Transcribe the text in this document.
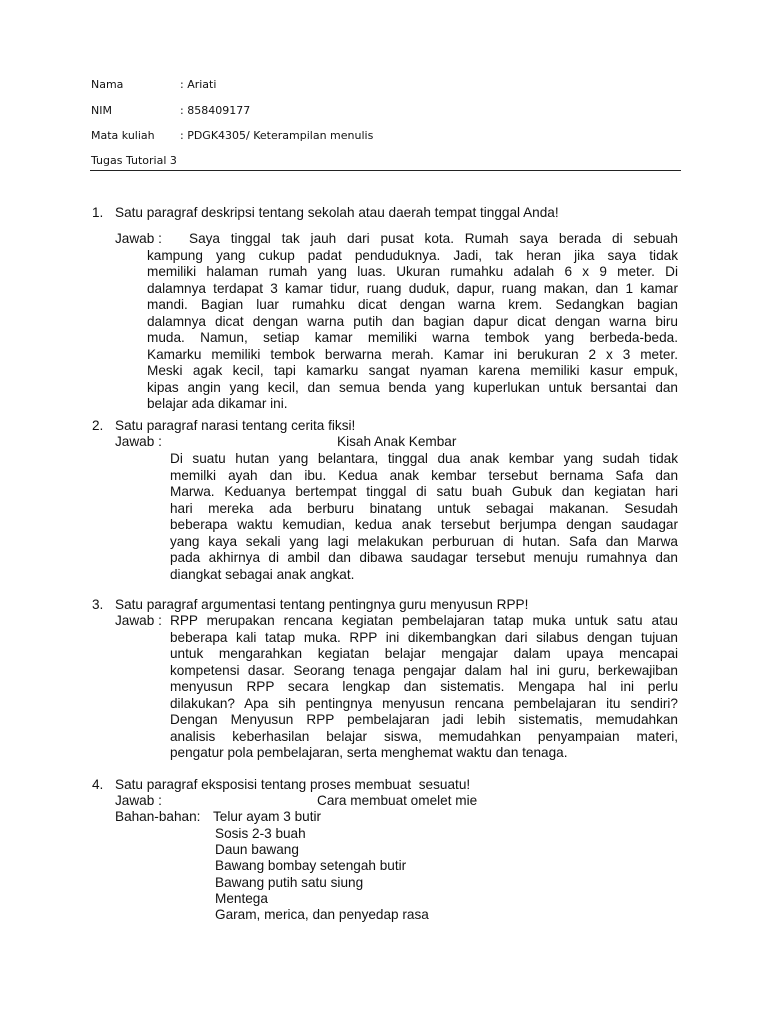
Nama	: Ariati
NIM	: 858409177
Mata kuliah : PDGK4305/ Keterampilan menulis
Tugas Tutorial 3
1. Satu paragraf deskripsi tentang sekolah atau daerah tempat tinggal Anda!
Jawab : Saya tinggal tak jauh dari pusat kota. Rumah saya berada di sebuah
kampung yang cukup padat penduduknya. Jadi, tak heran jika saya tidak
memiliki halaman rumah yang luas. Ukuran rumahku adalah 6 x 9 meter. Di
dalamnya terdapat 3 kamar tidur, ruang duduk, dapur, ruang makan, dan 1 kamar
mandi. Bagian luar rumahku dicat dengan warna krem. Sedangkan bagian
dalamnya dicat dengan warna putih dan bagian dapur dicat dengan warna biru
muda. Namun, setiap kamar memiliki warna tembok yang berbeda-beda.
Kamarku memiliki tembok berwarna merah. Kamar ini berukuran 2 x 3 meter.
Meski agak kecil, tapi kamarku sangat nyaman karena memiliki kasur empuk,
kipas angin yang kecil, dan semua benda yang kuperlukan untuk bersantai dan
belajar ada dikamar ini.
2. Satu paragraf narasi tentang cerita fiksi!
Jawab :	Kisah Anak Kembar
Di suatu hutan yang belantara, tinggal dua anak kembar yang sudah tidak
memilki ayah dan ibu. Kedua anak kembar tersebut bernama Safa dan
Marwa. Keduanya bertempat tinggal di satu buah Gubuk dan kegiatan hari
hari mereka ada berburu binatang untuk sebagai makanan. Sesudah
beberapa waktu kemudian, kedua anak tersebut berjumpa dengan saudagar
yang kaya sekali yang lagi melakukan perburuan di hutan. Safa dan Marwa
pada akhirnya di ambil dan dibawa saudagar tersebut menuju rumahnya dan
diangkat sebagai anak angkat.
3. Satu paragraf argumentasi tentang pentingnya guru menyusun RPP!
Jawab : RPP merupakan rencana kegiatan pembelajaran tatap muka untuk satu atau
beberapa kali tatap muka. RPP ini dikembangkan dari silabus dengan tujuan
untuk mengarahkan kegiatan belajar mengajar dalam upaya mencapai
kompetensi dasar. Seorang tenaga pengajar dalam hal ini guru, berkewajiban
menyusun RPP secara lengkap dan sistematis. Mengapa hal ini perlu
dilakukan? Apa sih pentingnya menyusun rencana pembelajaran itu sendiri?
Dengan Menyusun RPP pembelajaran jadi lebih sistematis, memudahkan
analisis keberhasilan belajar siswa, memudahkan penyampaian materi,
pengatur pola pembelajaran, serta menghemat waktu dan tenaga.
4. Satu paragraf eksposisi tentang proses membuat  sesuatu!
Jawab :	Cara membuat omelet mie
Bahan-bahan: Telur ayam 3 butir
Sosis 2-3 buah
Daun bawang
Bawang bombay setengah butir
Bawang putih satu siung
Mentega
Garam, merica, dan penyedap rasa
